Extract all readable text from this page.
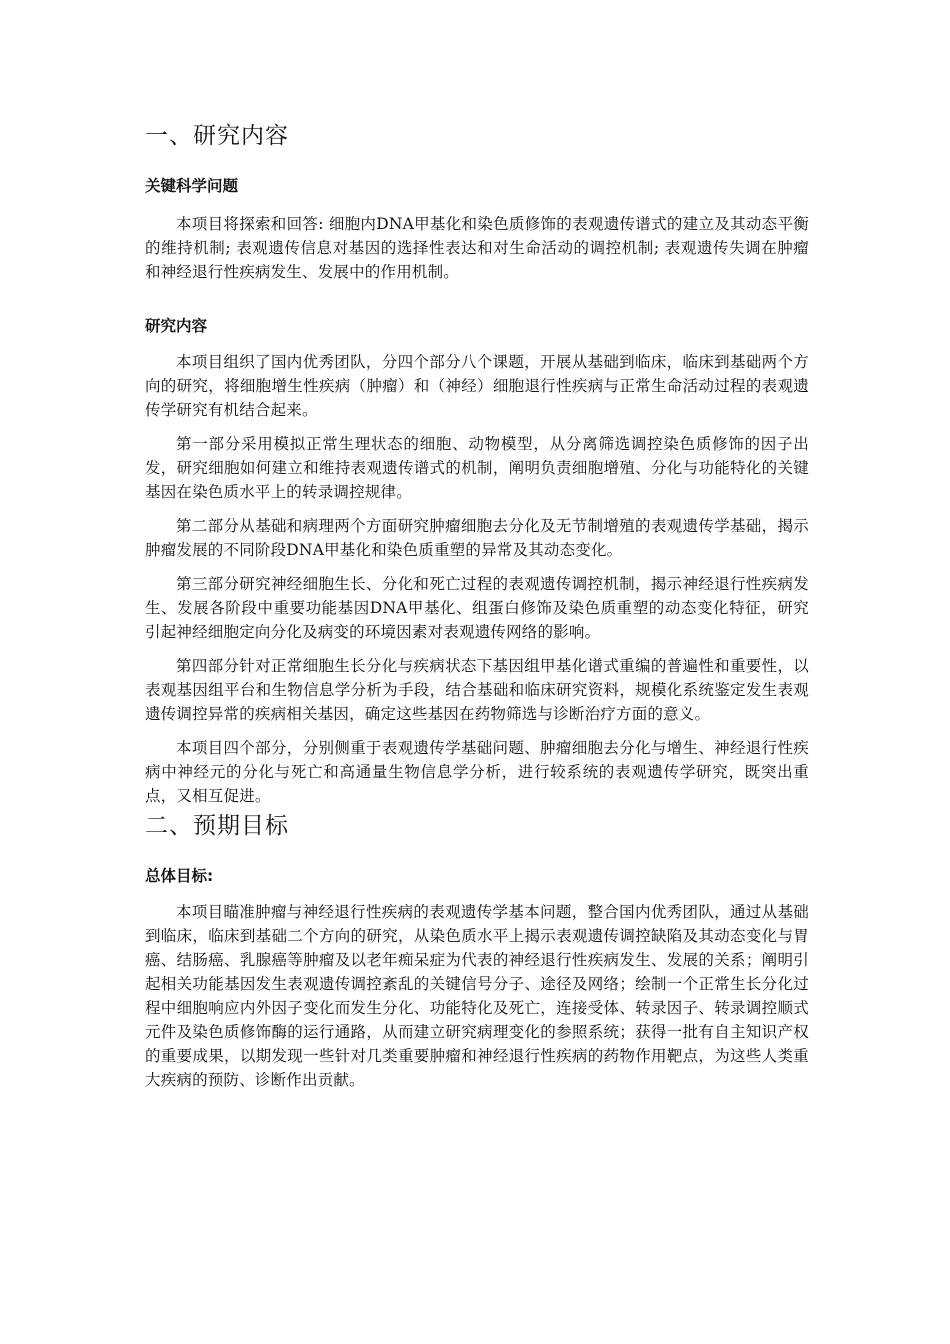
一、研究内容
关键科学问题

本项目将探索和回答: 细胞内DNA甲基化和染色质修饰的表观遗传谱式的建立及其动态平衡的维持机制; 表观遗传信息对基因的选择性表达和对生命活动的调控机制; 表观遗传失调在肿瘤和神经退行性疾病发生、发展中的作用机制。

研究内容

本项目组织了国内优秀团队，分四个部分八个课题，开展从基础到临床，临床到基础两个方向的研究，将细胞增生性疾病（肿瘤）和（神经）细胞退行性疾病与正常生命活动过程的表观遗传学研究有机结合起来。

第一部分采用模拟正常生理状态的细胞、动物模型，从分离筛选调控染色质修饰的因子出发，研究细胞如何建立和维持表观遗传谱式的机制，阐明负责细胞增殖、分化与功能特化的关键基因在染色质水平上的转录调控规律。

第二部分从基础和病理两个方面研究肿瘤细胞去分化及无节制增殖的表观遗传学基础，揭示肿瘤发展的不同阶段DNA甲基化和染色质重塑的异常及其动态变化。

第三部分研究神经细胞生长、分化和死亡过程的表观遗传调控机制，揭示神经退行性疾病发生、发展各阶段中重要功能基因DNA甲基化、组蛋白修饰及染色质重塑的动态变化特征，研究引起神经细胞定向分化及病变的环境因素对表观遗传网络的影响。

第四部分针对正常细胞生长分化与疾病状态下基因组甲基化谱式重编的普遍性和重要性，以表观基因组平台和生物信息学分析为手段，结合基础和临床研究资料，规模化系统鉴定发生表观遗传调控异常的疾病相关基因，确定这些基因在药物筛选与诊断治疗方面的意义。

本项目四个部分，分别侧重于表观遗传学基础问题、肿瘤细胞去分化与增生、神经退行性疾病中神经元的分化与死亡和高通量生物信息学分析，进行较系统的表观遗传学研究，既突出重点，又相互促进。

二、预期目标
总体目标:

本项目瞄准肿瘤与神经退行性疾病的表观遗传学基本问题，整合国内优秀团队，通过从基础到临床，临床到基础二个方向的研究，从染色质水平上揭示表观遗传调控缺陷及其动态变化与胃癌、结肠癌、乳腺癌等肿瘤及以老年痴呆症为代表的神经退行性疾病发生、发展的关系；阐明引起相关功能基因发生表观遗传调控紊乱的关键信号分子、途径及网络；绘制一个正常生长分化过程中细胞响应内外因子变化而发生分化、功能特化及死亡，连接受体、转录因子、转录调控顺式元件及染色质修饰酶的运行通路，从而建立研究病理变化的参照系统；获得一批有自主知识产权的重要成果，以期发现一些针对几类重要肿瘤和神经退行性疾病的药物作用靶点，为这些人类重大疾病的预防、诊断作出贡献。
